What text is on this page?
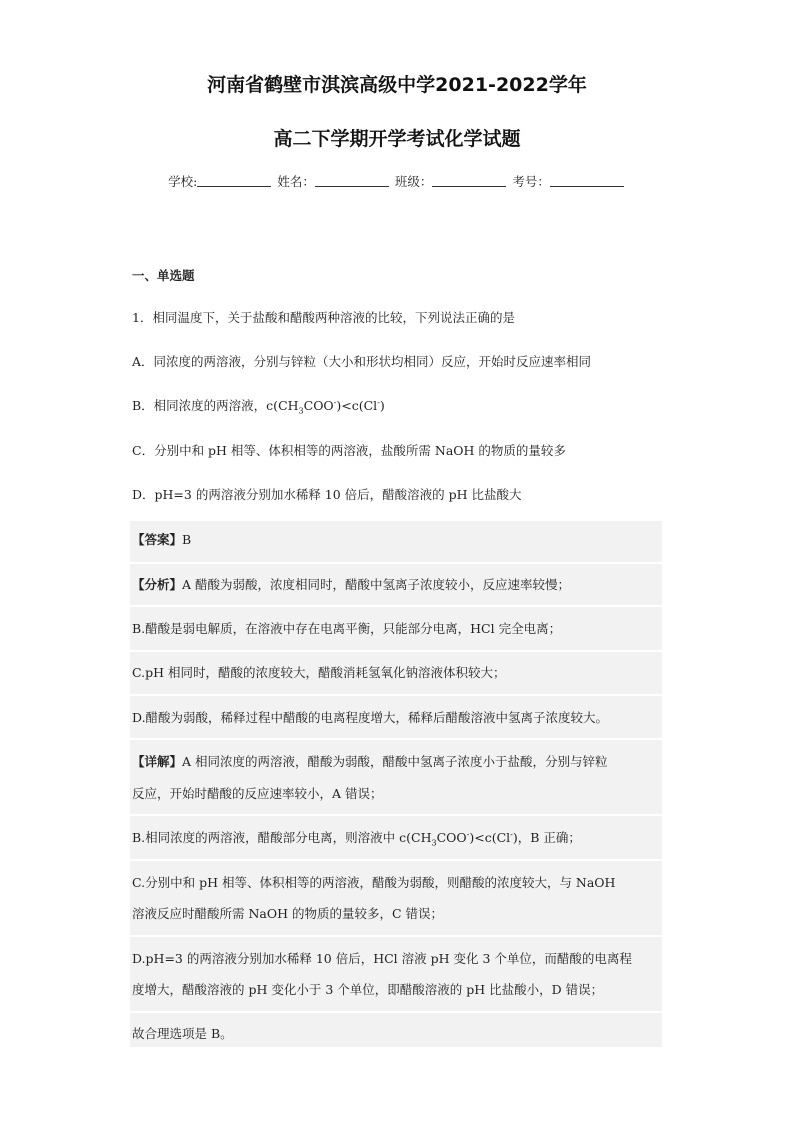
河南省鹤壁市淇滨高级中学2021-2022学年
高二下学期开学考试化学试题
学校:	姓名：	班级：	考号：
一、单选题
1．相同温度下，关于盐酸和醋酸两种溶液的比较，下列说法正确的是
A．同浓度的两溶液，分别与锌粒（大小和形状均相同）反应，开始时反应速率相同
B．相同浓度的两溶液，$c(CH_3COO^-)<c(Cl^-)$
C．分别中和 pH 相等、体积相等的两溶液，盐酸所需 NaOH 的物质的量较多
D．pH=3 的两溶液分别加水稀释 10 倍后，醋酸溶液的 pH 比盐酸大
【答案】B
【分析】A 醋酸为弱酸，浓度相同时，醋酸中氢离子浓度较小，反应速率较慢；
B.醋酸是弱电解质，在溶液中存在电离平衡，只能部分电离，HCl 完全电离；
C.pH 相同时，醋酸的浓度较大，醋酸消耗氢氧化钠溶液体积较大；
D.醋酸为弱酸，稀释过程中醋酸的电离程度增大，稀释后醋酸溶液中氢离子浓度较大。
【详解】A 相同浓度的两溶液，醋酸为弱酸，醋酸中氢离子浓度小于盐酸，分别与锌粒
反应，开始时醋酸的反应速率较小，A 错误；
B.相同浓度的两溶液，醋酸部分电离，则溶液中 $c(CH_3COO^-)<c(Cl^-)$，B 正确；
C.分别中和 pH 相等、体积相等的两溶液，醋酸为弱酸，则醋酸的浓度较大，与 NaOH
溶液反应时醋酸所需 NaOH 的物质的量较多，C 错误；
D.pH=3 的两溶液分别加水稀释 10 倍后，HCl 溶液 pH 变化 3 个单位，而醋酸的电离程
度增大，醋酸溶液的 pH 变化小于 3 个单位，即醋酸溶液的 pH 比盐酸小，D 错误；
故合理选项是 B。
